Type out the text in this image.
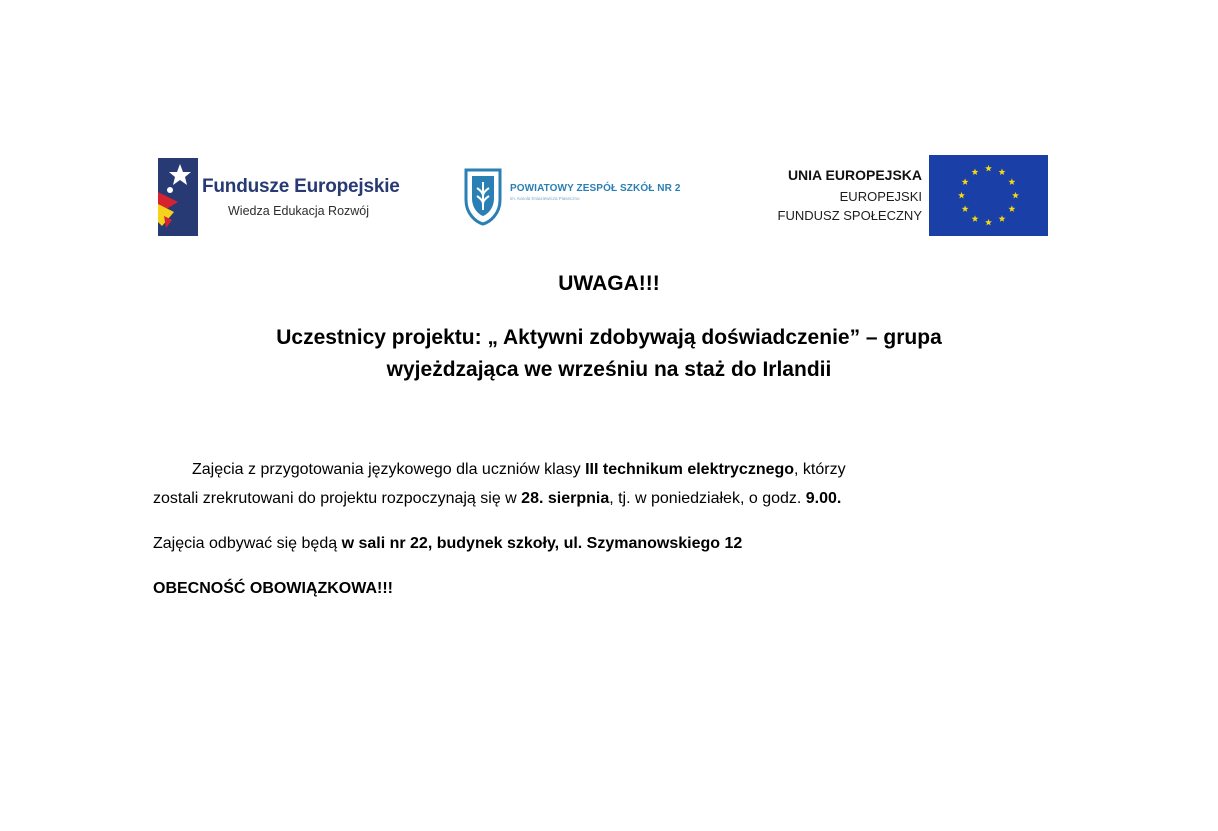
Fundusze Europejskie
Wiedza Edukacja Rozwój
POWIATOWY ZESPÓŁ SZKÓŁ NR 2
im. Karola Kniaziewicza Piaseczno
UNIA EUROPEJSKA
EUROPEJSKI
FUNDUSZ SPOŁECZNY
UWAGA!!!
Uczestnicy projektu: „ Aktywni zdobywają doświadczenie” – grupa
wyjeżdzająca we wrześniu na staż do Irlandii
Zajęcia z przygotowania językowego dla uczniów klasy III technikum elektrycznego, którzy
zostali zrekrutowani do projektu rozpoczynają się w 28. sierpnia, tj. w poniedziałek, o godz. 9.00.
Zajęcia odbywać się będą w sali nr 22, budynek szkoły, ul. Szymanowskiego 12
OBECNOŚĆ OBOWIĄZKOWA!!!
